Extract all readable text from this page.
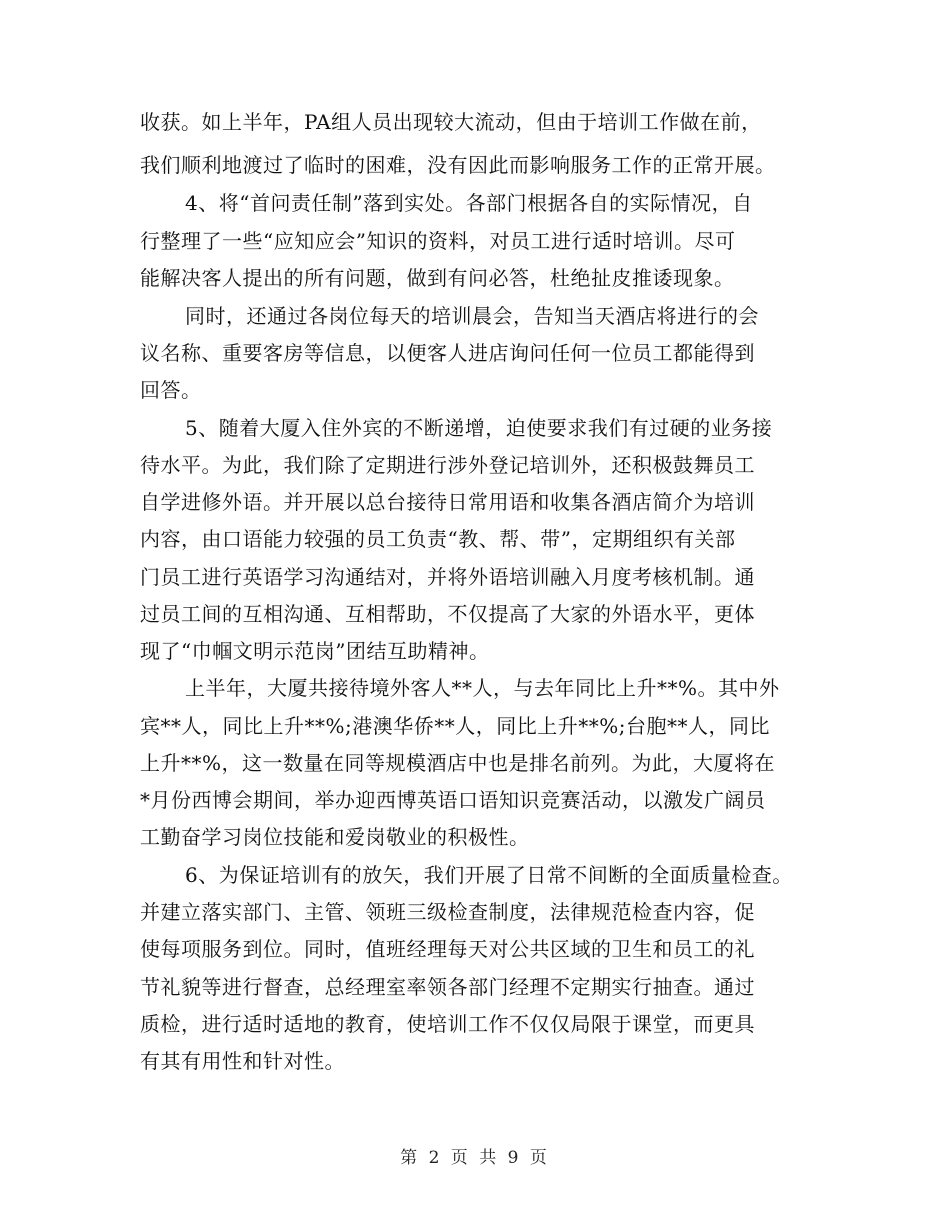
收获。如上半年，PA组人员出现较大流动，但由于培训工作做在前，
我们顺利地渡过了临时的困难，没有因此而影响服务工作的正常开展。
4、将“首问责任制”落到实处。各部门根据各自的实际情况，自
行整理了一些“应知应会”知识的资料，对员工进行适时培训。尽可
能解决客人提出的所有问题，做到有问必答，杜绝扯皮推诿现象。
同时，还通过各岗位每天的培训晨会，告知当天酒店将进行的会
议名称、重要客房等信息，以便客人进店询问任何一位员工都能得到
回答。
5、随着大厦入住外宾的不断递增，迫使要求我们有过硬的业务接
待水平。为此，我们除了定期进行涉外登记培训外，还积极鼓舞员工
自学进修外语。并开展以总台接待日常用语和收集各酒店简介为培训
内容，由口语能力较强的员工负责“教、帮、带”，定期组织有关部
门员工进行英语学习沟通结对，并将外语培训融入月度考核机制。通
过员工间的互相沟通、互相帮助，不仅提高了大家的外语水平，更体
现了“巾帼文明示范岗”团结互助精神。
上半年，大厦共接待境外客人**人，与去年同比上升**%。其中外
宾**人，同比上升**%;港澳华侨**人，同比上升**%;台胞**人，同比
上升**%，这一数量在同等规模酒店中也是排名前列。为此，大厦将在
*月份西博会期间，举办迎西博英语口语知识竞赛活动，以激发广阔员
工勤奋学习岗位技能和爱岗敬业的积极性。
6、为保证培训有的放矢，我们开展了日常不间断的全面质量检查。
并建立落实部门、主管、领班三级检查制度，法律规范检查内容，促
使每项服务到位。同时，值班经理每天对公共区域的卫生和员工的礼
节礼貌等进行督查，总经理室率领各部门经理不定期实行抽查。通过
质检，进行适时适地的教育，使培训工作不仅仅局限于课堂，而更具
有其有用性和针对性。
第 2 页 共 9 页
